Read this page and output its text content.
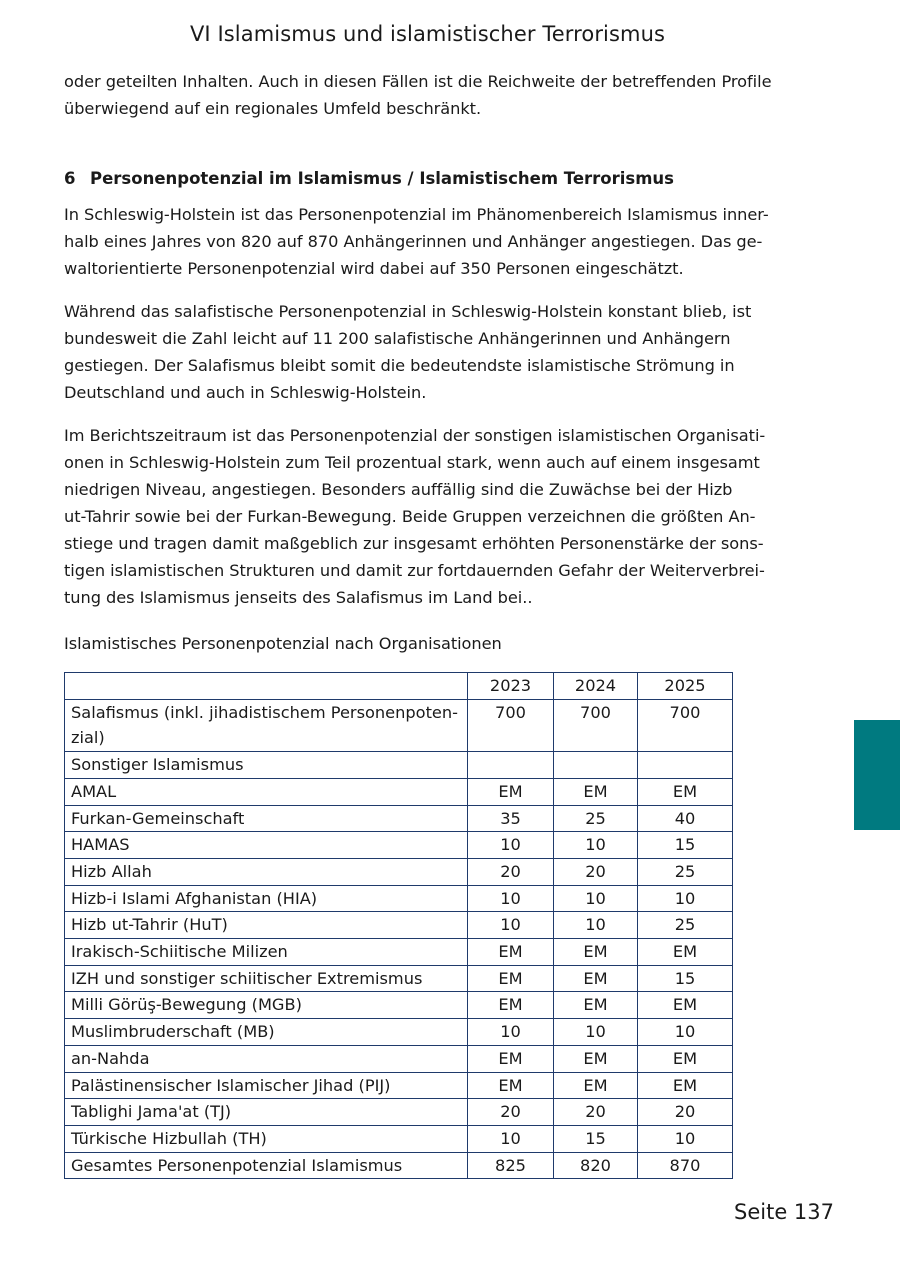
VI Islamismus und islamistischer Terrorismus

oder geteilten Inhalten. Auch in diesen Fällen ist die Reichweite der betreffenden Profile
überwiegend auf ein regionales Umfeld beschränkt.

6 Personenpotenzial im Islamismus / Islamistischem Terrorismus

In Schleswig-Holstein ist das Personenpotenzial im Phänomenbereich Islamismus inner-
halb eines Jahres von 820 auf 870 Anhängerinnen und Anhänger angestiegen. Das ge-
waltorientierte Personenpotenzial wird dabei auf 350 Personen eingeschätzt.

Während das salafistische Personenpotenzial in Schleswig-Holstein konstant blieb, ist
bundesweit die Zahl leicht auf 11 200 salafistische Anhängerinnen und Anhängern
gestiegen. Der Salafismus bleibt somit die bedeutendste islamistische Strömung in
Deutschland und auch in Schleswig-Holstein.

Im Berichtszeitraum ist das Personenpotenzial der sonstigen islamistischen Organisati-
onen in Schleswig-Holstein zum Teil prozentual stark, wenn auch auf einem insgesamt
niedrigen Niveau, angestiegen. Besonders auffällig sind die Zuwächse bei der Hizb
ut-Tahrir sowie bei der Furkan-Bewegung. Beide Gruppen verzeichnen die größten An-
stiege und tragen damit maßgeblich zur insgesamt erhöhten Personenstärke der sons-
tigen islamistischen Strukturen und damit zur fortdauernden Gefahr der Weiterverbrei-
tung des Islamismus jenseits des Salafismus im Land bei..

Islamistisches Personenpotenzial nach Organisationen

	2023	2024	2025
Salafismus (inkl. jihadistischem Personenpoten-
zial)	700	700	700
Sonstiger Islamismus			
AMAL	EM	EM	EM
Furkan-Gemeinschaft	35	25	40
HAMAS	10	10	15
Hizb Allah	20	20	25
Hizb-i Islami Afghanistan (HIA)	10	10	10
Hizb ut-Tahrir (HuT)	10	10	25
Irakisch-Schiitische Milizen	EM	EM	EM
IZH und sonstiger schiitischer Extremismus	EM	EM	15
Milli Görüş-Bewegung (MGB)	EM	EM	EM
Muslimbruderschaft (MB)	10	10	10
an-Nahda	EM	EM	EM
Palästinensischer Islamischer Jihad (PIJ)	EM	EM	EM
Tablighi Jama'at (TJ)	20	20	20
Türkische Hizbullah (TH)	10	15	10
Gesamtes Personenpotenzial Islamismus	825	820	870
Seite 137
